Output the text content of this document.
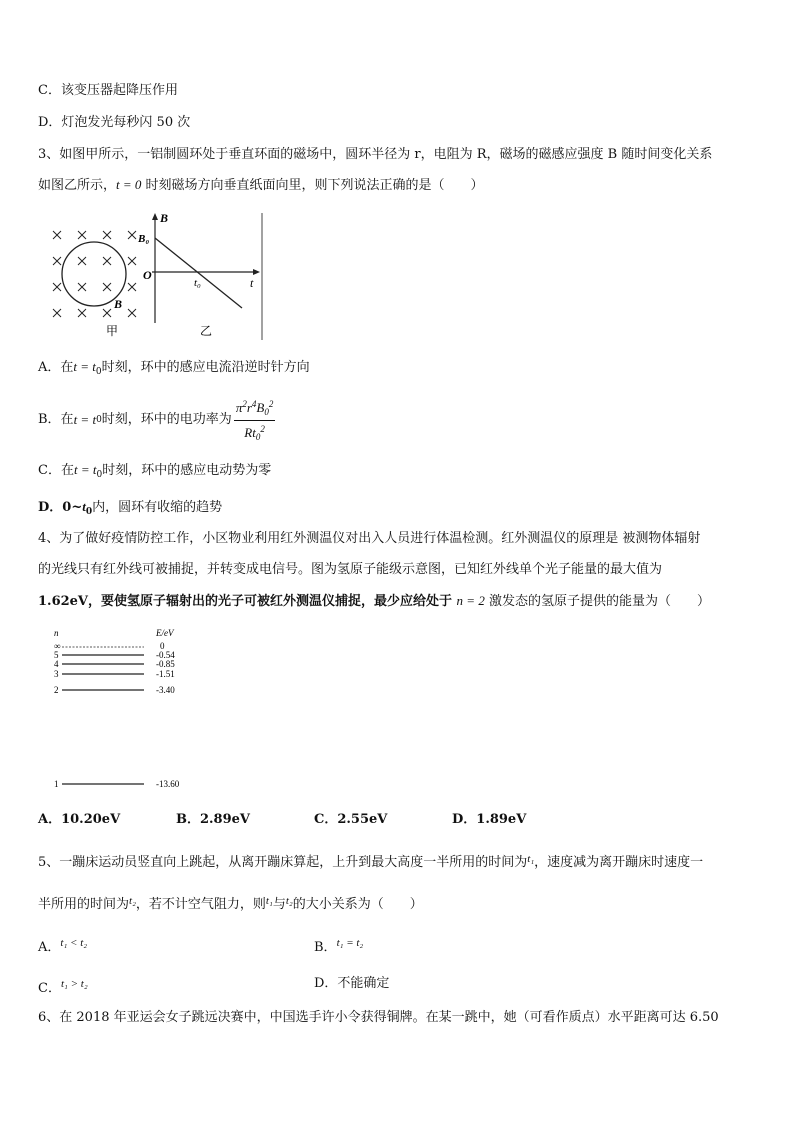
C．该变压器起降压作用
D．灯泡发光每秒闪 50 次
3、如图甲所示，一铝制圆环处于垂直环面的磁场中，圆环半径为 r，电阻为 R，磁场的磁感应强度 B 随时间变化关系
如图乙所示，t = 0 时刻磁场方向垂直纸面向里，则下列说法正确的是（　　）
B
甲
B
B₀
O
t₀	t
乙
A．在$t = t_0$时刻，环中的感应电流沿逆时针方向
B．在 t = t 0 时刻，环中的电功率为 $\frac{\pi^2r^4B_0^2}{Rt_0^2}$
C．在$t = t_0$时刻，环中的感应电动势为零
D．$0\sim t_0$内，圆环有收缩的趋势
4、为了做好疫情防控工作，小区物业利用红外测温仪对出入人员进行体温检测。红外测温仪的原理是 被测物体辐射
的光线只有红外线可被捕捉，并转变成电信号。图为氢原子能级示意图，已知红外线单个光子能量的最大值为
1.62eV，要使氢原子辐射出的光子可被红外测温仪捕捉，最少应给处于 n = 2 激发态的氢原子提供的能量为（　　）
n	E/eV
∞	0
5	-0.54
4	-0.85
3	-1.51
2	-3.40
1	-13.60
A．10.20eV	B．2.89eV	C．2.55eV	D．1.89eV
5、一蹦床运动员竖直向上跳起，从离开蹦床算起，上升到最大高度一半所用的时间为$^{t_1}$，速度减为离开蹦床时速度一
半所用的时间为$^{t_2}$，若不计空气阻力，则$^{t_1}$与$^{t_2}$的大小关系为（　　）
A．$^{t_1 < t_2}$	B．$^{t_1 = t_2}$
C．$^{t_1 > t_2}$	D．不能确定
6、在 2018 年亚运会女子跳远决赛中，中国选手许小令获得铜牌。在某一跳中，她（可看作质点）水平距离可达 6.50
